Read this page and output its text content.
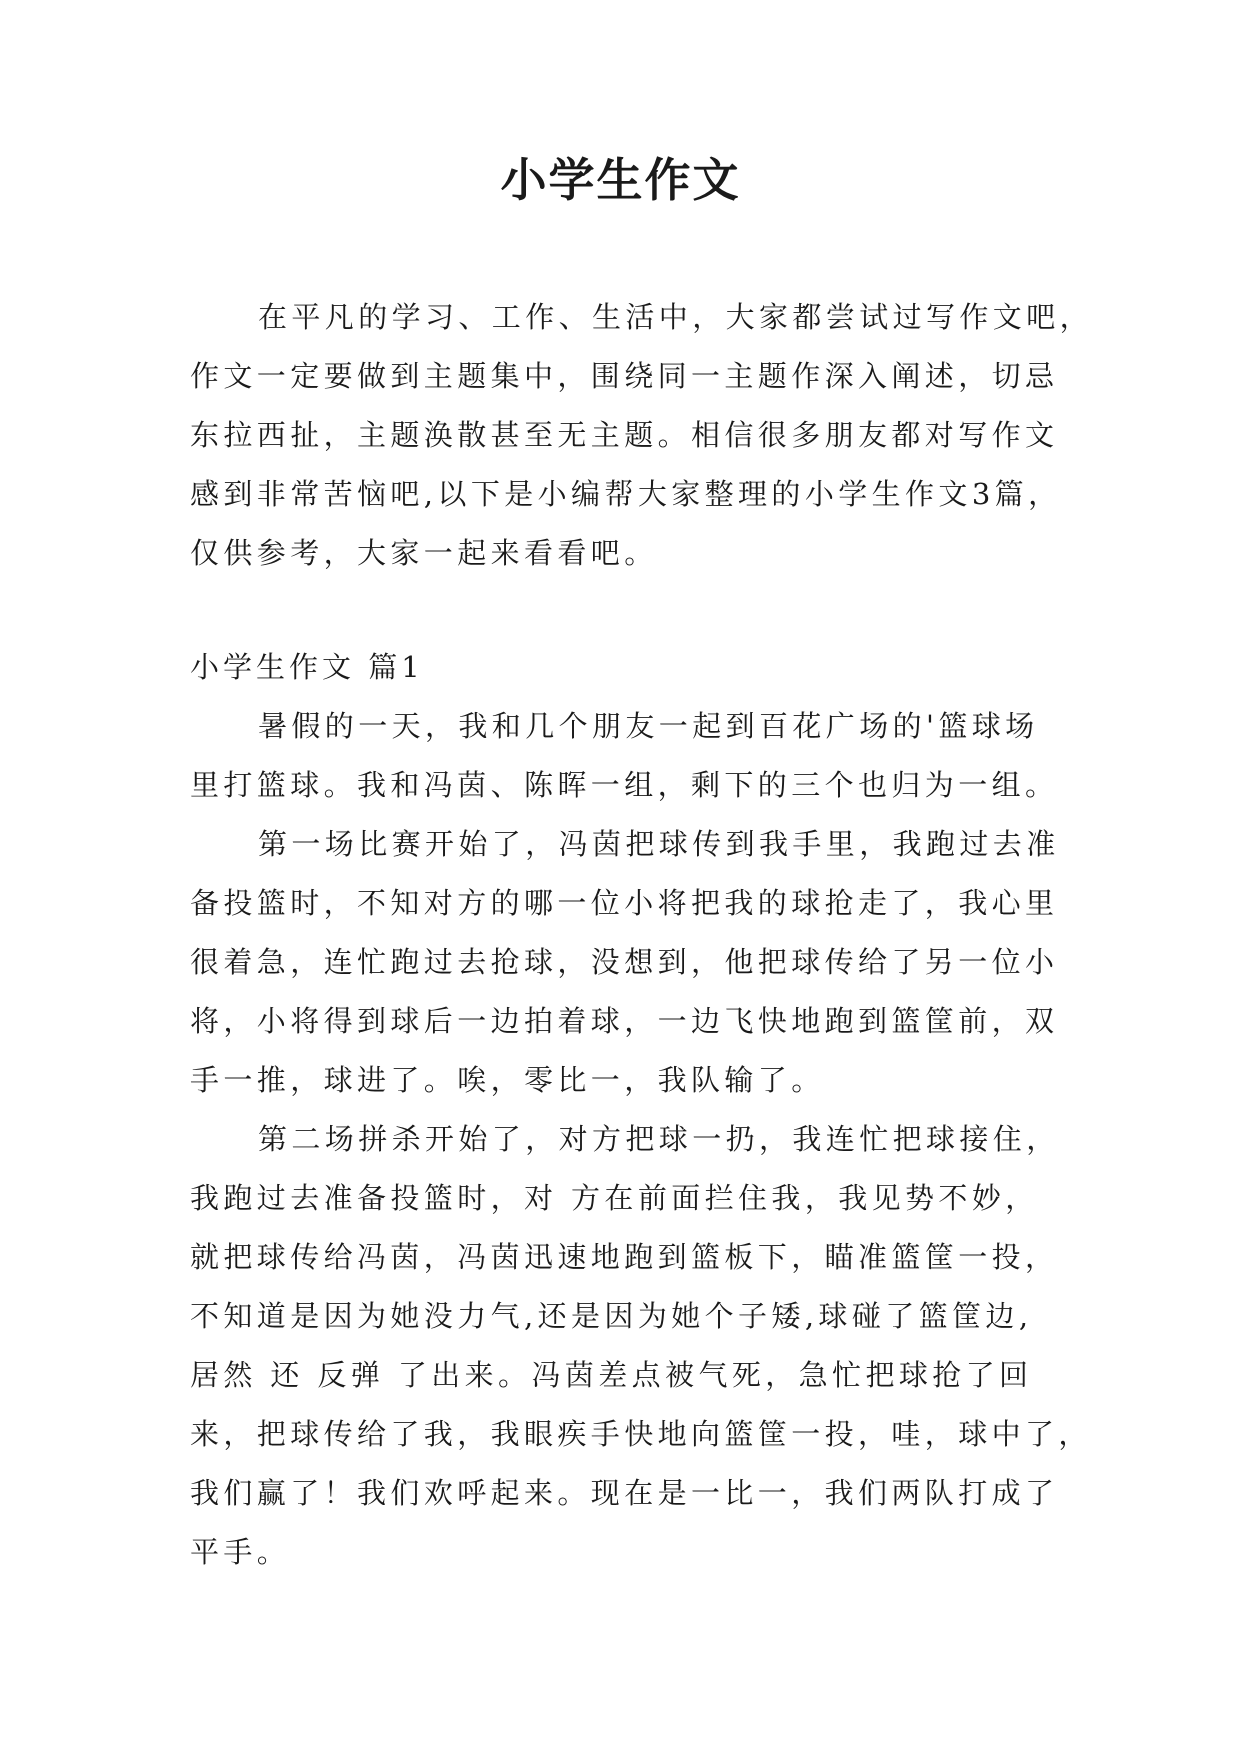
小学生作文
在平凡的学习、工作、生活中，大家都尝试过写作文吧，
作文一定要做到主题集中，围绕同一主题作深入阐述，切忌
东拉西扯，主题涣散甚至无主题。相信很多朋友都对写作文
感到非常苦恼吧,以下是小编帮大家整理的小学生作文3篇，
仅供参考，大家一起来看看吧。
小学生作文 篇1
暑假的一天，我和几个朋友一起到百花广场的'篮球场
里打篮球。我和冯茵、陈晖一组，剩下的三个也归为一组。
第一场比赛开始了，冯茵把球传到我手里，我跑过去准
备投篮时，不知对方的哪一位小将把我的球抢走了，我心里
很着急，连忙跑过去抢球，没想到，他把球传给了另一位小
将，小将得到球后一边拍着球，一边飞快地跑到篮筐前，双
手一推，球进了。唉，零比一，我队输了。
第二场拼杀开始了，对方把球一扔，我连忙把球接住，
我跑过去准备投篮时，对 方在前面拦住我，我见势不妙，
就把球传给冯茵，冯茵迅速地跑到篮板下，瞄准篮筐一投，
不知道是因为她没力气,还是因为她个子矮,球碰了篮筐边,
居然 还 反弹 了出来。冯茵差点被气死，急忙把球抢了回
来，把球传给了我，我眼疾手快地向篮筐一投，哇，球中了，
我们赢了！我们欢呼起来。现在是一比一，我们两队打成了
平手。
